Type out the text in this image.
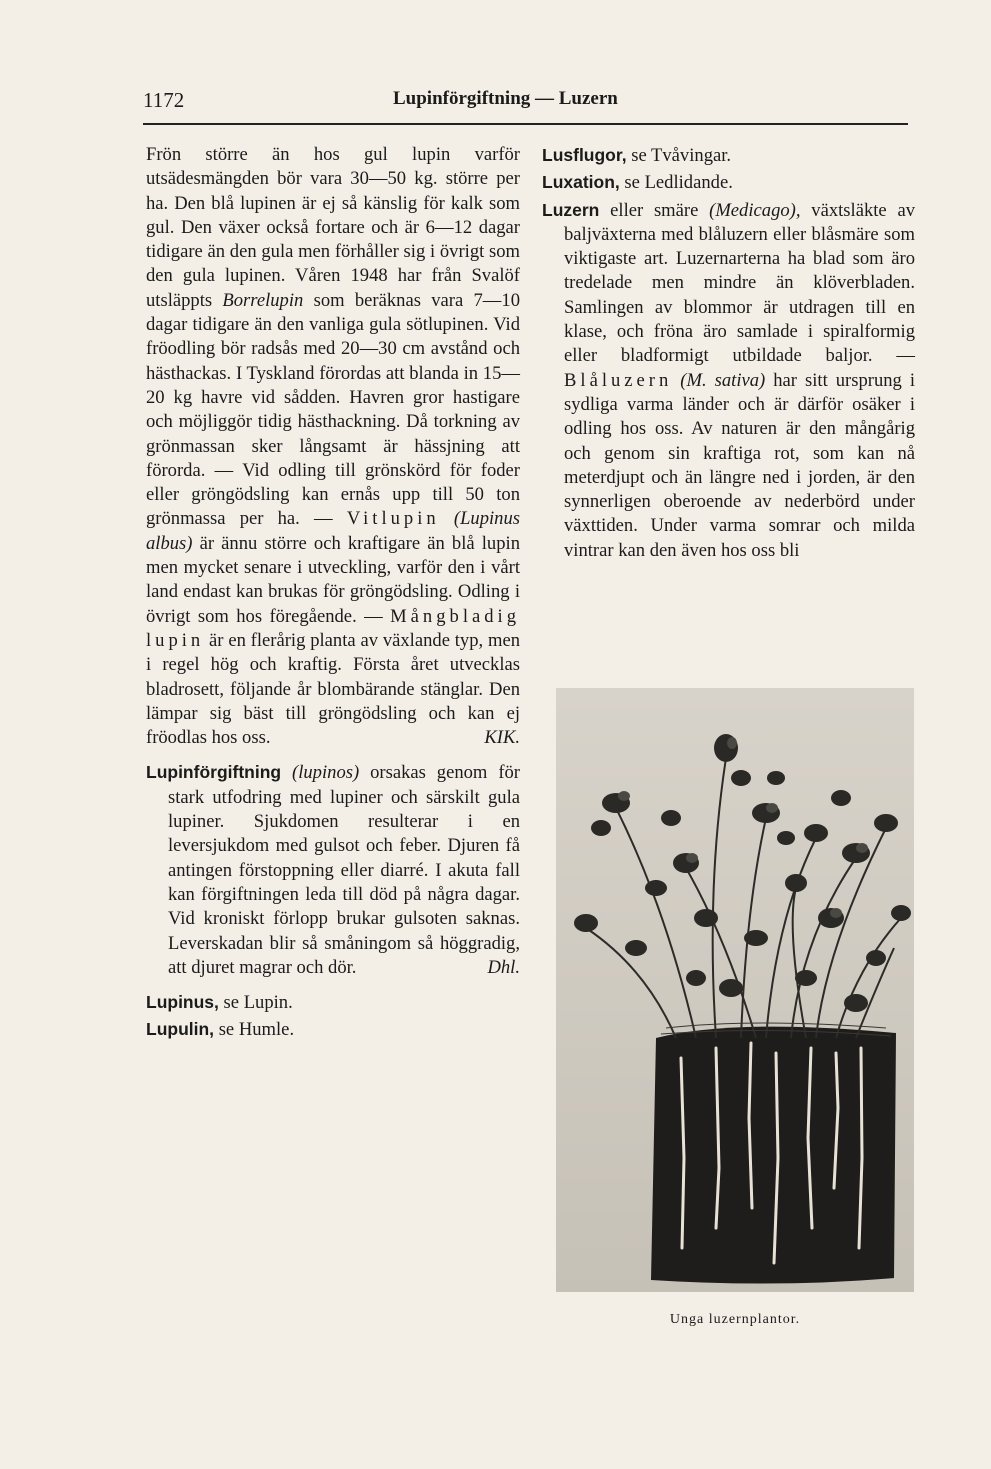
1172	Lupinförgiftning — Luzern

Frön större än hos gul lupin varför utsädesmängden bör vara 30—50 kg. större per ha. Den blå lupinen är ej så känslig för kalk som gul. Den växer också fortare och är 6—12 dagar tidigare än den gula men förhåller sig i övrigt som den gula lupinen. Våren 1948 har från Svalöf utsläppts Borrelupin som beräknas vara 7—10 dagar tidigare än den vanliga gula sötlupinen. Vid fröodling bör radsås med 20—30 cm avstånd och hästhackas. I Tyskland förordas att blanda in 15—20 kg havre vid sådden. Havren gror hastigare och möjliggör tidig hästhackning. Då torkning av grönmassan sker långsamt är hässjning att förorda. — Vid odling till grönskörd för foder eller gröngödsling kan ernås upp till 50 ton grönmassa per ha. — Vitlupin (Lupinus albus) är ännu större och kraftigare än blå lupin men mycket senare i utveckling, varför den i vårt land endast kan brukas för gröngödsling. Odling i övrigt som hos föregående. — Mångbladig lupin är en flerårig planta av växlande typ, men i regel hög och kraftig. Första året utvecklas bladrosett, följande år blombärande stänglar. Den lämpar sig bäst till gröngödsling och kan ej fröodlas hos oss.	KIK.

Lupinförgiftning (lupinos) orsakas genom för stark utfodring med lupiner och särskilt gula lupiner. Sjukdomen resulterar i en leversjukdom med gulsot och feber. Djuren få antingen förstoppning eller diarré. I akuta fall kan förgiftningen leda till död på några dagar. Vid kroniskt förlopp brukar gulsoten saknas. Leverskadan blir så småningom så höggradig, att djuret magrar och dör.	Dhl.

Lupinus, se Lupin.

Lupulin, se Humle.

Lusflugor, se Tvåvingar.

Luxation, se Ledlidande.

Luzern eller smäre (Medicago), växtsläkte av baljväxterna med blåluzern eller blåsmäre som viktigaste art. Luzernarterna ha blad som äro tredelade men mindre än klöverbladen. Samlingen av blommor är utdragen till en klase, och fröna äro samlade i spiralformig eller bladformigt utbildade baljor. — Blåluzern (M. sativa) har sitt ursprung i sydliga varma länder och är därför osäker i odling hos oss. Av naturen är den mångårig och genom sin kraftiga rot, som kan nå meterdjupt och än längre ned i jorden, är den synnerligen oberoende av nederbörd under växttiden. Under varma somrar och milda vintrar kan den även hos oss bli

Unga luzernplantor.
